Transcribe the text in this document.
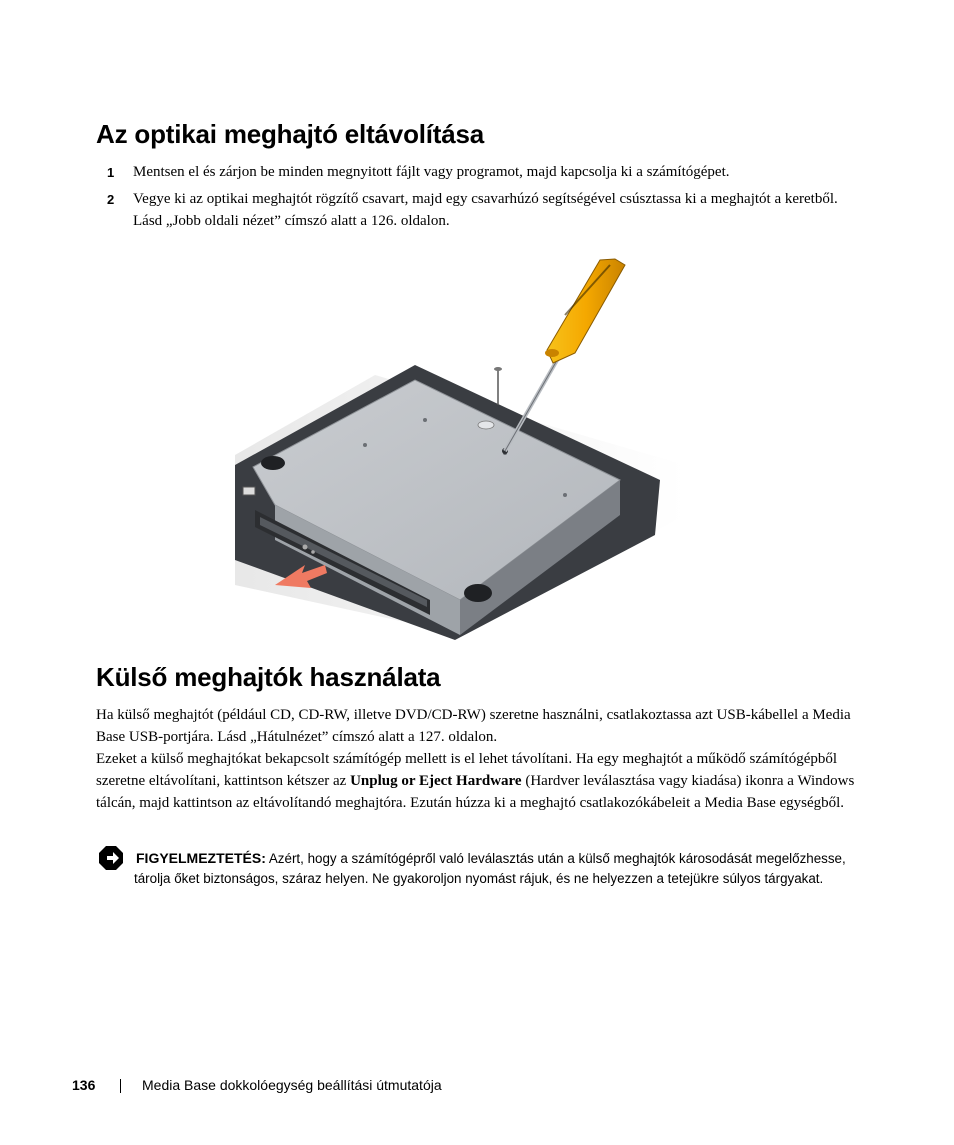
Az optikai meghajtó eltávolítása
1 Mentsen el és zárjon be minden megnyitott fájlt vagy programot, majd kapcsolja ki a számítógépet.
2 Vegye ki az optikai meghajtót rögzítő csavart, majd egy csavarhúzó segítségével csúsztassa ki a meghajtót a keretből. Lásd „Jobb oldali nézet” címszó alatt a 126. oldalon.
Külső meghajtók használata

Ha külső meghajtót (például CD, CD-RW, illetve DVD/CD-RW) szeretne használni, csatlakoztassa azt USB-kábellel a Media Base USB-portjára. Lásd „Hátulnézet” címszó alatt a 127. oldalon.

Ezeket a külső meghajtókat bekapcsolt számítógép mellett is el lehet távolítani. Ha egy meghajtót a működő számítógépből szeretne eltávolítani, kattintson kétszer az Unplug or Eject Hardware (Hardver leválasztása vagy kiadása) ikonra a Windows tálcán, majd kattintson az eltávolítandó meghajtóra. Ezután húzza ki a meghajtó csatlakozókábeleit a Media Base egységből.

FIGYELMEZTETÉS: Azért, hogy a számítógépről való leválasztás után a külső meghajtók károsodását megelőzhesse, tárolja őket biztonságos, száraz helyen. Ne gyakoroljon nyomást rájuk, és ne helyezzen a tetejükre súlyos tárgyakat.
136	Media Base dokkolóegység beállítási útmutatója
